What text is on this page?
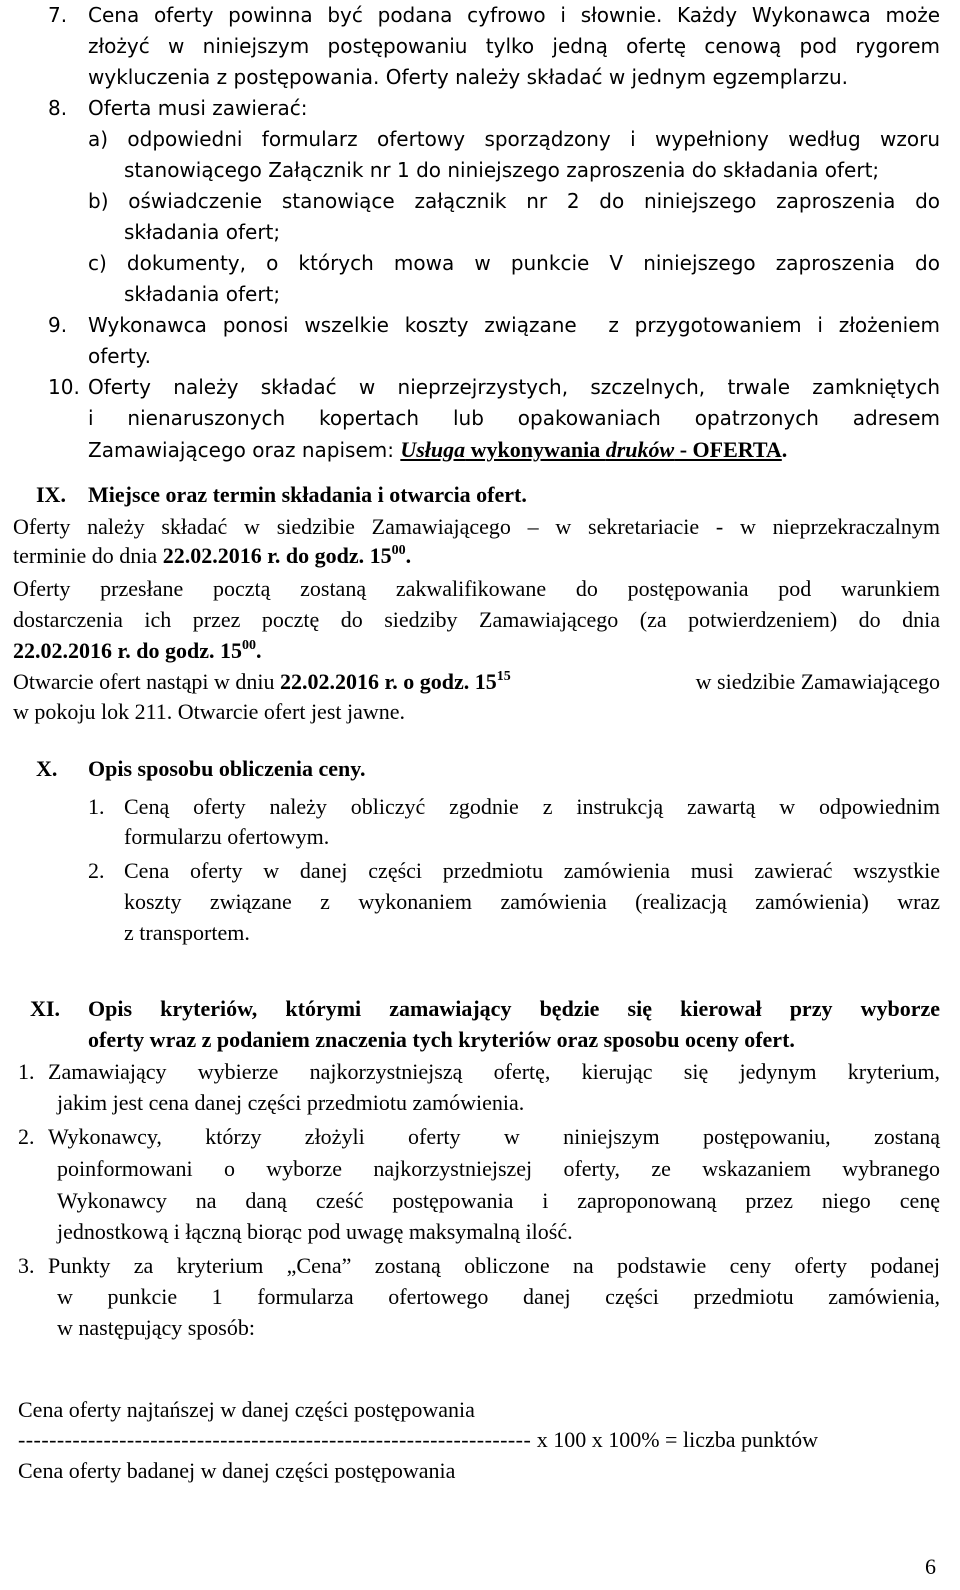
7. Cena oferty powinna być podana cyfrowo i słownie. Każdy Wykonawca może
złożyć w niniejszym postępowaniu tylko jedną ofertę cenową pod rygorem
wykluczenia z postępowania. Oferty należy składać w jednym egzemplarzu.
8. Oferta musi zawierać:
a) odpowiedni formularz ofertowy sporządzony i wypełniony według wzoru
stanowiącego Załącznik nr 1 do niniejszego zaproszenia do składania ofert;
b) oświadczenie stanowiące załącznik nr 2 do niniejszego zaproszenia do
składania ofert;
c) dokumenty, o których mowa w punkcie V niniejszego zaproszenia do
składania ofert;
9. Wykonawca ponosi wszelkie koszty związane  z przygotowaniem i złożeniem
oferty.
10. Oferty należy składać w nieprzejrzystych, szczelnych, trwale zamkniętych
i nienaruszonych kopertach lub opakowaniach opatrzonych adresem
Zamawiającego oraz napisem: Usługa wykonywania druków - OFERTA.
IX. Miejsce oraz termin składania i otwarcia ofert.
Oferty należy składać w siedzibie Zamawiającego – w sekretariacie - w nieprzekraczalnym
terminie do dnia 22.02.2016 r. do godz. $15^{00}$.
Oferty przesłane pocztą zostaną zakwalifikowane do postępowania pod warunkiem
dostarczenia ich przez pocztę do siedziby Zamawiającego (za potwierdzeniem) do dnia
22.02.2016 r. do godz. $15^{00}$.
Otwarcie ofert nastąpi w dniu 22.02.2016 r. o godz. $15^{15}$	w siedzibie Zamawiającego
w pokoju lok 211. Otwarcie ofert jest jawne.
X. Opis sposobu obliczenia ceny.
1. Ceną oferty należy obliczyć zgodnie z instrukcją zawartą w odpowiednim
formularzu ofertowym.
2. Cena oferty w danej części przedmiotu zamówienia musi zawierać wszystkie
koszty związane z wykonaniem zamówienia (realizacją zamówienia) wraz
z transportem.
XI. Opis kryteriów, którymi zamawiający będzie się kierował przy wyborze
oferty wraz z podaniem znaczenia tych kryteriów oraz sposobu oceny ofert.
1. Zamawiający wybierze najkorzystniejszą ofertę, kierując się jedynym kryterium,
jakim jest cena danej części przedmiotu zamówienia.
2. Wykonawcy, którzy złożyli oferty w niniejszym postępowaniu, zostaną
poinformowani o wyborze najkorzystniejszej oferty, ze wskazaniem wybranego
Wykonawcy na daną cześć postępowania i zaproponowaną przez niego cenę
jednostkową i łączną biorąc pod uwagę maksymalną ilość.
3. Punkty za kryterium „Cena” zostaną obliczone na podstawie ceny oferty podanej
w punkcie 1 formularza ofertowego danej części przedmiotu zamówienia,
w następujący sposób:
Cena oferty najtańszej w danej części postępowania
------------------------------------------------------------------ x 100 x 100% = liczba punktów
Cena oferty badanej w danej części postępowania
6
